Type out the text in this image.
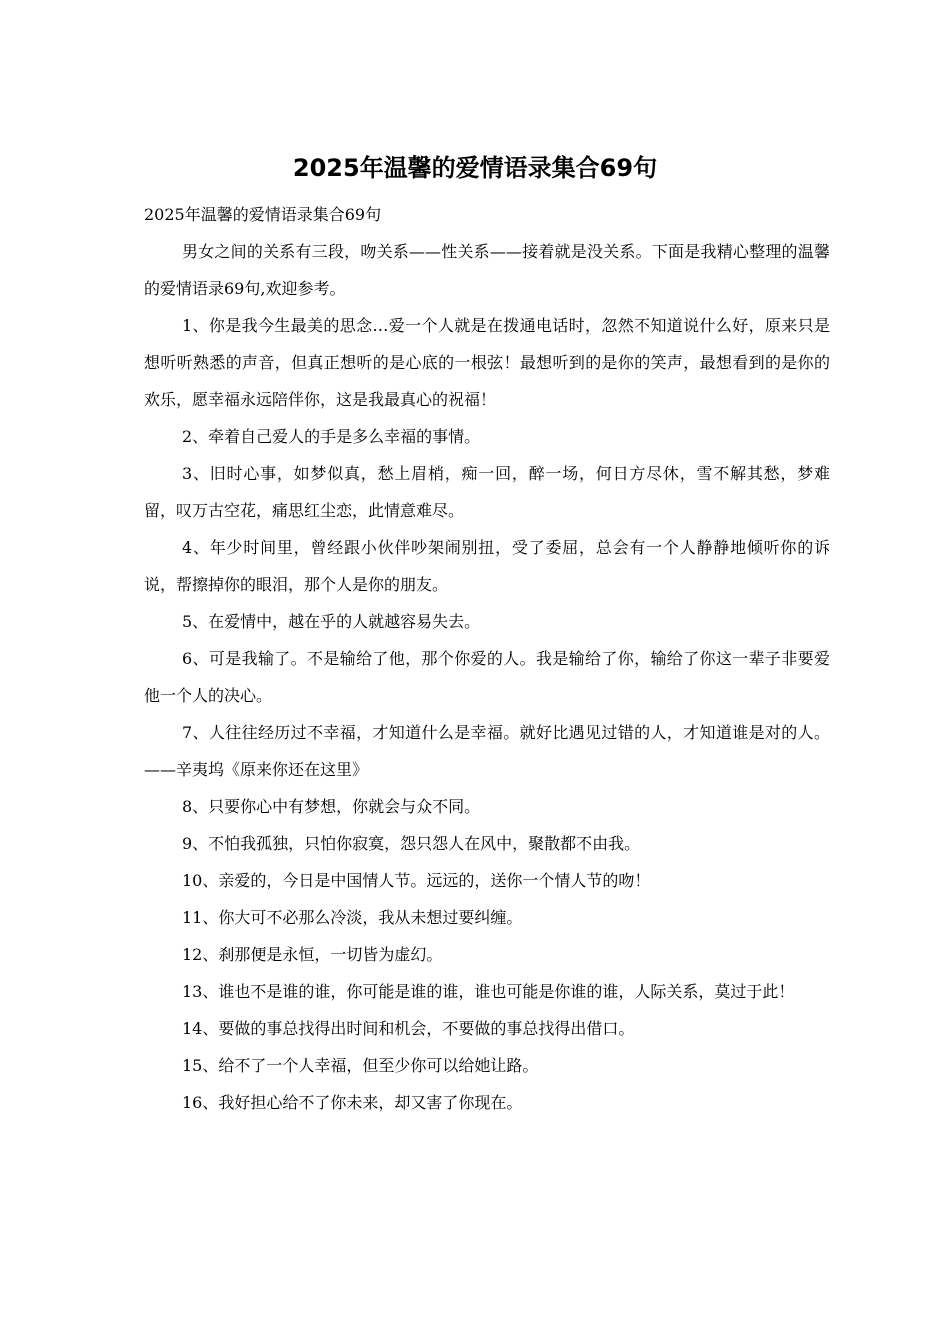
2025年温馨的爱情语录集合69句

2025年温馨的爱情语录集合69句

男女之间的关系有三段，吻关系——性关系——接着就是没关系。下面是我精心整理的温馨的爱情语录69句,欢迎参考。

1、你是我今生最美的思念…爱一个人就是在拨通电话时，忽然不知道说什么好，原来只是想听听熟悉的声音，但真正想听的是心底的一根弦！最想听到的是你的笑声，最想看到的是你的欢乐，愿幸福永远陪伴你，这是我最真心的祝福！

2、牵着自己爱人的手是多么幸福的事情。

3、旧时心事，如梦似真，愁上眉梢，痴一回，醉一场，何日方尽休，雪不解其愁，梦难留，叹万古空花，痛思红尘恋，此情意难尽。

4、年少时间里，曾经跟小伙伴吵架闹别扭，受了委屈，总会有一个人静静地倾听你的诉说，帮擦掉你的眼泪，那个人是你的朋友。

5、在爱情中，越在乎的人就越容易失去。

6、可是我输了。不是输给了他，那个你爱的人。我是输给了你，输给了你这一辈子非要爱他一个人的决心。

7、人往往经历过不幸福，才知道什么是幸福。就好比遇见过错的人，才知道谁是对的人。——辛夷坞《原来你还在这里》

8、只要你心中有梦想，你就会与众不同。

9、不怕我孤独，只怕你寂寞，怨只怨人在风中，聚散都不由我。

10、亲爱的，今日是中国情人节。远远的，送你一个情人节的吻！

11、你大可不必那么冷淡，我从未想过要纠缠。

12、刹那便是永恒，一切皆为虚幻。

13、谁也不是谁的谁，你可能是谁的谁，谁也可能是你谁的谁，人际关系，莫过于此！

14、要做的事总找得出时间和机会，不要做的事总找得出借口。

15、给不了一个人幸福，但至少你可以给她让路。

16、我好担心给不了你未来，却又害了你现在。
